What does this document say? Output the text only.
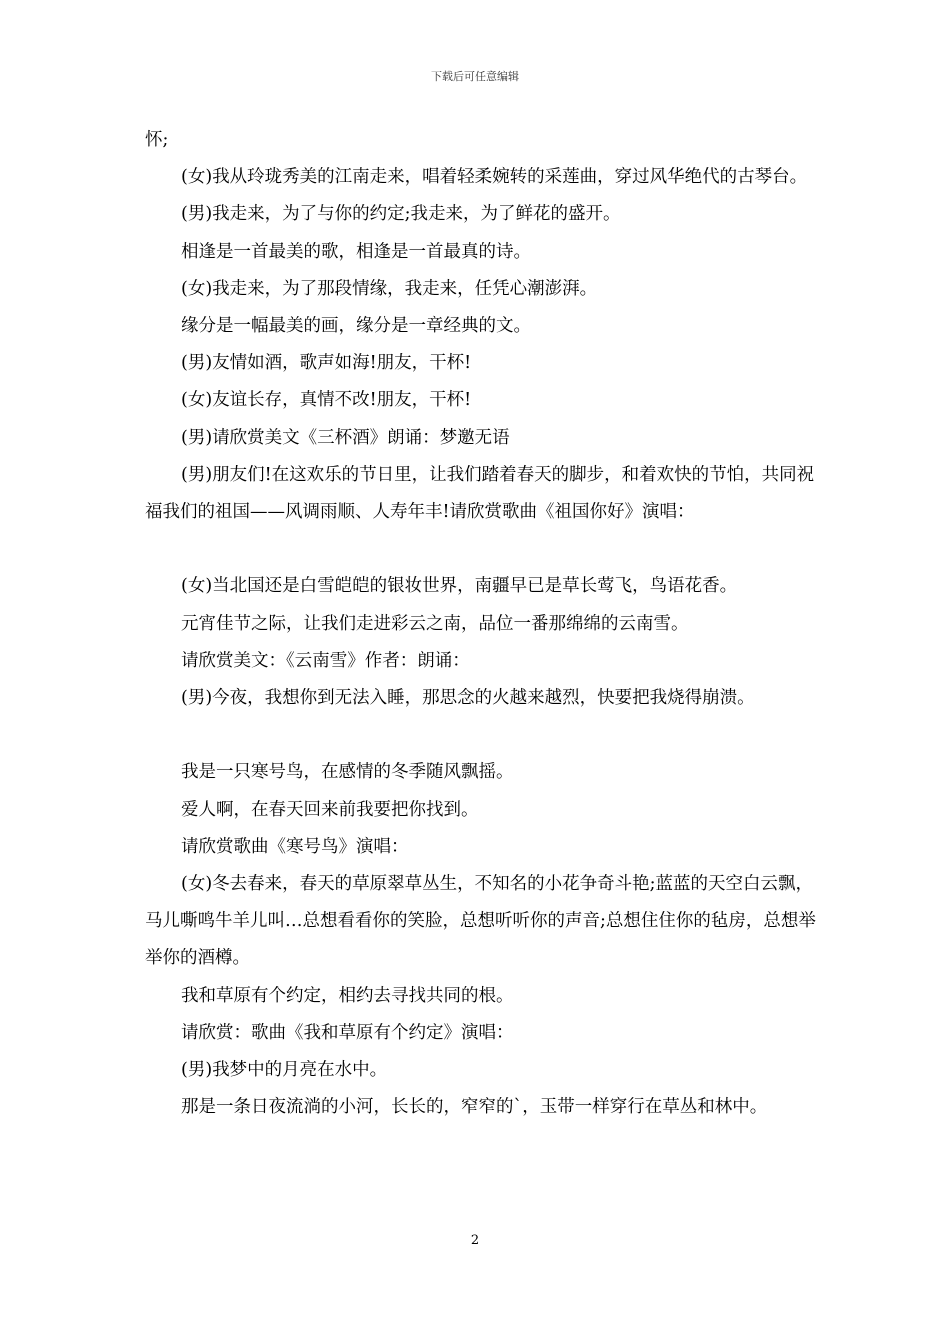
下载后可任意编辑

怀;

(女)我从玲珑秀美的江南走来，唱着轻柔婉转的采莲曲，穿过风华绝代的古琴台。

(男)我走来，为了与你的约定;我走来，为了鲜花的盛开。

相逢是一首最美的歌，相逢是一首最真的诗。

(女)我走来，为了那段情缘，我走来，任凭心潮澎湃。

缘分是一幅最美的画，缘分是一章经典的文。

(男)友情如酒，歌声如海!朋友，干杯!

(女)友谊长存，真情不改!朋友，干杯!

(男)请欣赏美文《三杯酒》朗诵：梦邀无语

(男)朋友们!在这欢乐的节日里，让我们踏着春天的脚步，和着欢快的节怕，共同祝福我们的祖国——风调雨顺、人寿年丰!请欣赏歌曲《祖国你好》演唱：

(女)当北国还是白雪皑皑的银妆世界，南疆早已是草长莺飞，鸟语花香。

元宵佳节之际，让我们走进彩云之南，品位一番那绵绵的云南雪。

请欣赏美文：《云南雪》作者：朗诵：

(男)今夜，我想你到无法入睡，那思念的火越来越烈，快要把我烧得崩溃。

我是一只寒号鸟，在感情的冬季随风飘摇。

爱人啊，在春天回来前我要把你找到。

请欣赏歌曲《寒号鸟》演唱：

(女)冬去春来，春天的草原翠草丛生，不知名的小花争奇斗艳;蓝蓝的天空白云飘，马儿嘶鸣牛羊儿叫…总想看看你的笑脸，总想听听你的声音;总想住住你的毡房，总想举举你的酒樽。

我和草原有个约定，相约去寻找共同的根。

请欣赏：歌曲《我和草原有个约定》演唱：

(男)我梦中的月亮在水中。

那是一条日夜流淌的小河，长长的，窄窄的`，玉带一样穿行在草丛和林中。

2
